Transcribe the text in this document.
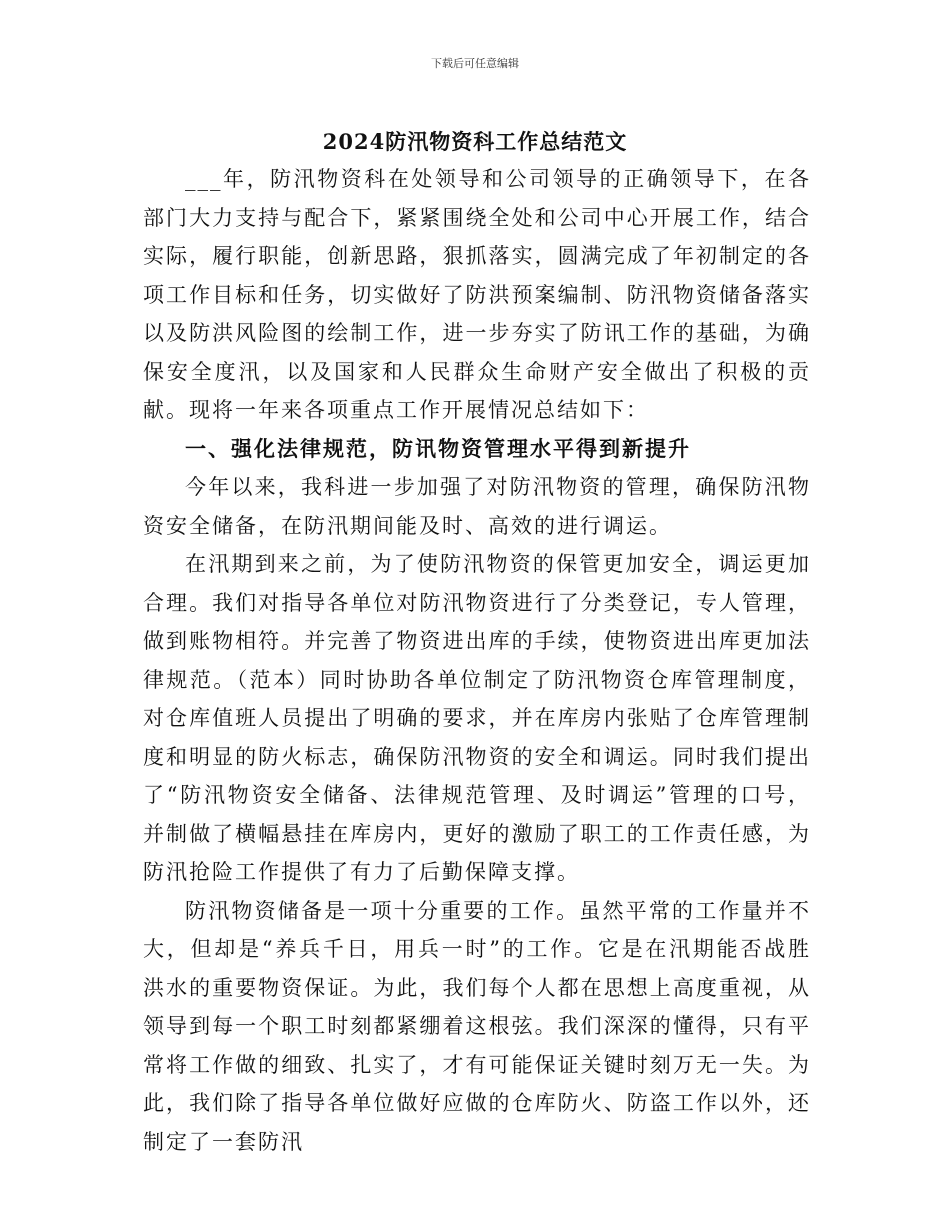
下载后可任意编辑
2024防汛物资科工作总结范文

___年，防汛物资科在处领导和公司领导的正确领导下，在各部门大力支持与配合下，紧紧围绕全处和公司中心开展工作，结合实际，履行职能，创新思路，狠抓落实，圆满完成了年初制定的各项工作目标和任务，切实做好了防洪预案编制、防汛物资储备落实以及防洪风险图的绘制工作，进一步夯实了防讯工作的基础，为确保安全度汛，以及国家和人民群众生命财产安全做出了积极的贡献。现将一年来各项重点工作开展情况总结如下：

一、强化法律规范，防讯物资管理水平得到新提升

今年以来，我科进一步加强了对防汛物资的管理，确保防汛物资安全储备，在防汛期间能及时、高效的进行调运。

在汛期到来之前，为了使防汛物资的保管更加安全，调运更加合理。我们对指导各单位对防汛物资进行了分类登记，专人管理，做到账物相符。并完善了物资进出库的手续，使物资进出库更加法律规范。（范本）同时协助各单位制定了防汛物资仓库管理制度，对仓库值班人员提出了明确的要求，并在库房内张贴了仓库管理制度和明显的防火标志，确保防汛物资的安全和调运。同时我们提出了“防汛物资安全储备、法律规范管理、及时调运”管理的口号，并制做了横幅悬挂在库房内，更好的激励了职工的工作责任感，为防汛抢险工作提供了有力了后勤保障支撑。

防汛物资储备是一项十分重要的工作。虽然平常的工作量并不大，但却是“养兵千日，用兵一时”的工作。它是在汛期能否战胜洪水的重要物资保证。为此，我们每个人都在思想上高度重视，从领导到每一个职工时刻都紧绷着这根弦。我们深深的懂得，只有平常将工作做的细致、扎实了，才有可能保证关键时刻万无一失。为此，我们除了指导各单位做好应做的仓库防火、防盗工作以外，还制定了一套防汛
